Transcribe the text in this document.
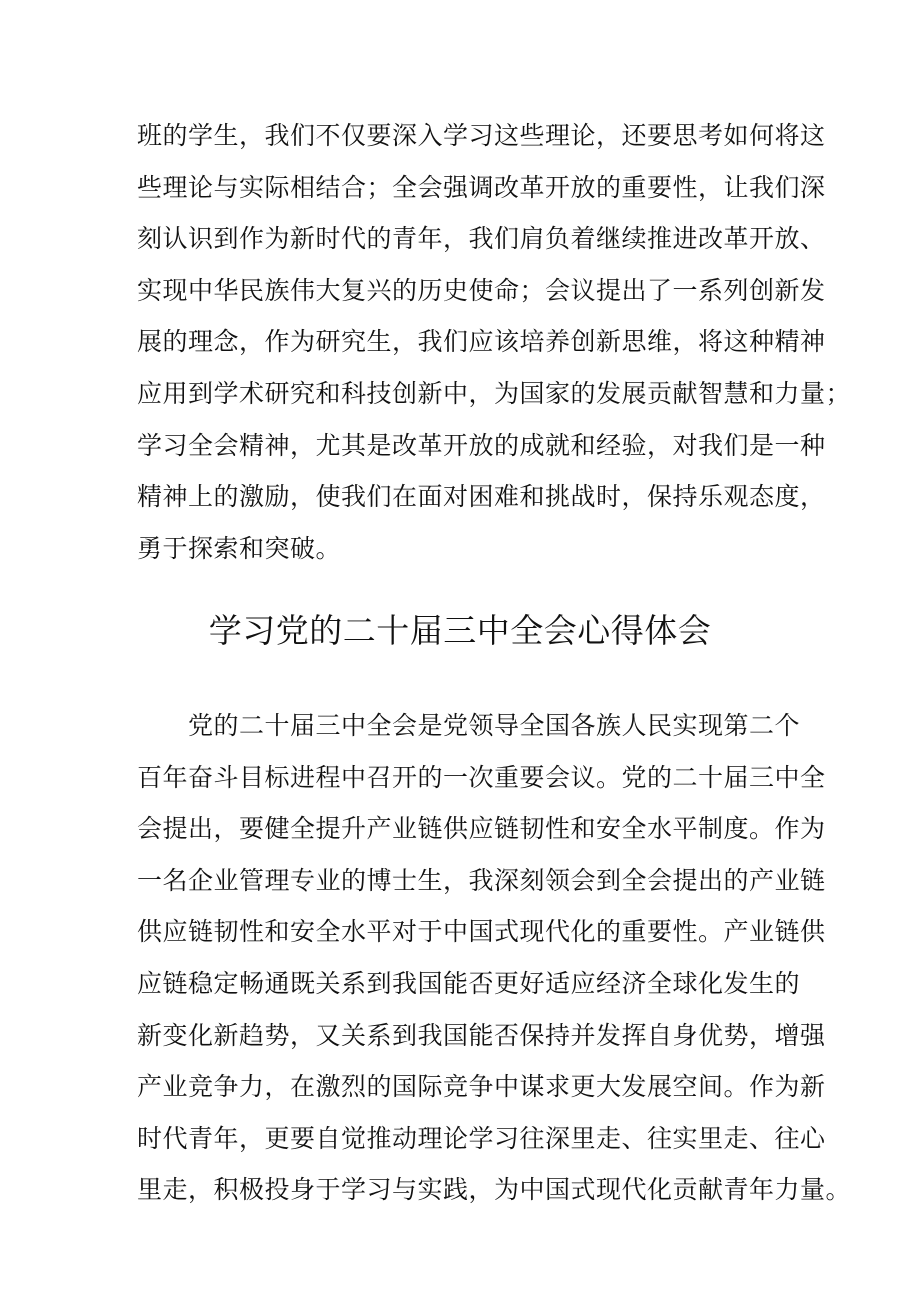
班的学生，我们不仅要深入学习这些理论，还要思考如何将这
些理论与实际相结合；全会强调改革开放的重要性，让我们深
刻认识到作为新时代的青年，我们肩负着继续推进改革开放、
实现中华民族伟大复兴的历史使命；会议提出了一系列创新发
展的理念，作为研究生，我们应该培养创新思维，将这种精神
应用到学术研究和科技创新中，为国家的发展贡献智慧和力量；
学习全会精神，尤其是改革开放的成就和经验，对我们是一种
精神上的激励，使我们在面对困难和挑战时，保持乐观态度，
勇于探索和突破。
学习党的二十届三中全会心得体会
　　党的二十届三中全会是党领导全国各族人民实现第二个
百年奋斗目标进程中召开的一次重要会议。党的二十届三中全
会提出，要健全提升产业链供应链韧性和安全水平制度。作为
一名企业管理专业的博士生，我深刻领会到全会提出的产业链
供应链韧性和安全水平对于中国式现代化的重要性。产业链供
应链稳定畅通既关系到我国能否更好适应经济全球化发生的
新变化新趋势，又关系到我国能否保持并发挥自身优势，增强
产业竞争力，在激烈的国际竞争中谋求更大发展空间。作为新
时代青年，更要自觉推动理论学习往深里走、往实里走、往心
里走，积极投身于学习与实践，为中国式现代化贡献青年力量。
